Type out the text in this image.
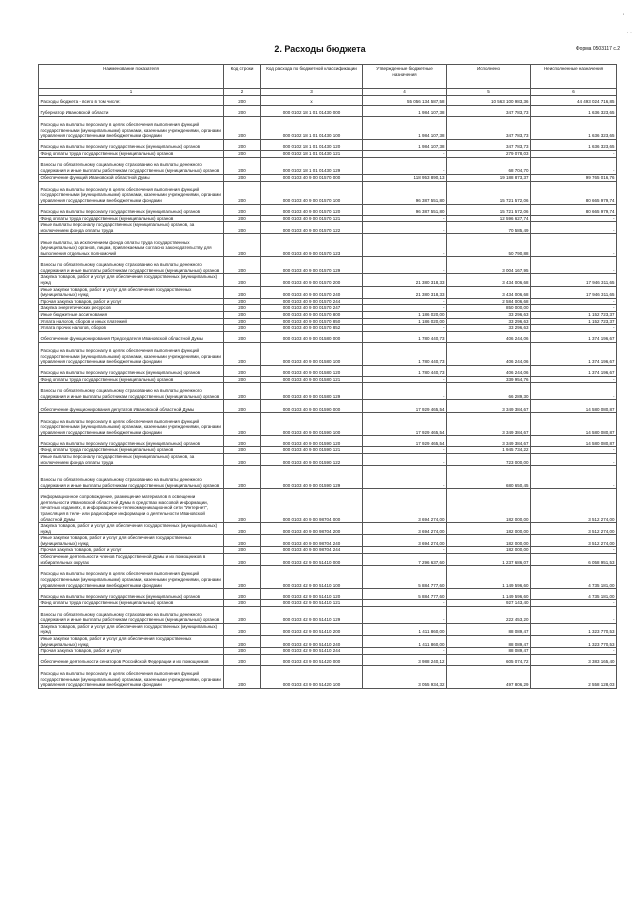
'
· ·
2. Расходы бюджета	Форма 0503117 с.2
Наименование показателя	Код строки	Код расхода по бюджетной классификации	Утвержденные бюджетные назначения	Исполнено	Неисполненные назначения
1	2	3	4	5	6
Расходы бюджета - всего в том числе:	200	x	55 056 134 587,58	10 563 100 983,36	44 493 024 716,85
Губернатор Ивановской области	200	000 0102 18 1 01 01430 000	1 984 107,38	347 783,73	1 636 323,65
Расходы на выплаты персоналу в целях обеспечения выполнения функций государственными (муниципальными) органами, казенными учреждениями, органами управления государственными внебюджетными фондами	200	000 0102 18 1 01 01430 100	1 984 107,38	347 783,73	1 636 323,65
Расходы на выплаты персоналу государственных (муниципальных) органов	200	000 0102 18 1 01 01430 120	1 984 107,38	347 783,73	1 636 323,65
Фонд оплаты труда государственных (муниципальных) органов	200	000 0102 18 1 01 01430 121	-	279 078,03	-
Взносы по обязательному социальному страхованию на выплаты денежного содержания и иные выплаты работникам государственных (муниципальных) органов	200	000 0102 18 1 01 01430 129	-	68 704,70	-
Обеспечение функций Ивановской областной Думы	200	000 0103 40 9 00 01570 000	118 953 890,13	19 188 873,37	99 765 016,76
Расходы на выплаты персоналу в целях обеспечения выполнения функций государственными (муниципальными) органами, казенными учреждениями, органами управления государственными внебюджетными фондами	200	000 0103 40 9 00 01570 100	96 387 551,80	15 721 572,06	80 665 979,74
Расходы на выплаты персоналу государственных (муниципальных) органов	200	000 0103 40 9 00 01570 120	96 387 551,80	15 721 572,06	80 665 979,74
Фонд оплаты труда государственных (муниципальных) органов	200	000 0103 40 9 00 01570 121	-	12 596 627,74	-
Иные выплаты персоналу государственных (муниципальных) органов, за исключением фонда оплаты труда	200	000 0103 40 9 00 01570 122	-	70 585,49	-
Иные выплаты, за исключением фонда оплаты труда государственных (муниципальных) органов, лицам, привлекаемым согласно законодательству для выполнения отдельных полномочий	200	000 0103 40 9 00 01570 123	-	50 790,88	-
Взносы по обязательному социальному страхованию на выплаты денежного содержания и иные выплаты работникам государственных (муниципальных) органов	200	000 0103 40 9 00 01570 129	-	3 004 167,95	-
Закупка товаров, работ и услуг для обеспечения государственных (муниципальных) нужд	200	000 0103 40 9 00 01570 200	21 380 318,33	3 434 006,68	17 946 311,65
Иные закупки товаров, работ и услуг для обеспечения государственных (муниципальных) нужд	200	000 0103 40 9 00 01570 240	21 380 318,33	3 434 006,68	17 946 311,65
Прочая закупка товаров, работ и услуг	200	000 0103 40 9 00 01570 244	-	2 584 006,68	-
Закупка энергетических ресурсов	200	000 0103 40 9 00 01570 247	-	850 000,00	-
Иные бюджетные ассигнования	200	000 0103 40 9 00 01570 800	1 186 020,00	33 296,63	1 152 723,37
Уплата налогов, сборов и иных платежей	200	000 0103 40 9 00 01570 850	1 186 020,00	33 296,63	1 152 723,37
Уплата прочих налогов, сборов	200	000 0103 40 9 00 01570 852	-	33 296,63	-
Обеспечение функционирования Председателя Ивановской областной Думы	200	000 0103 40 9 00 01580 000	1 780 440,73	406 244,06	1 374 196,67
Расходы на выплаты персоналу в целях обеспечения выполнения функций государственными (муниципальными) органами, казенными учреждениями, органами управления государственными внебюджетными фондами	200	000 0103 40 9 00 01580 100	1 780 440,73	406 244,06	1 374 196,67
Расходы на выплаты персоналу государственных (муниципальных) органов	200	000 0103 40 9 00 01580 120	1 780 440,73	406 244,06	1 374 196,67
Фонд оплаты труда государственных (муниципальных) органов	200	000 0103 40 9 00 01580 121	-	339 954,76	-
Взносы по обязательному социальному страхованию на выплаты денежного содержания и иные выплаты работникам государственных (муниципальных) органов	200	000 0103 40 9 00 01580 129	-	66 289,30	-
Обеспечение функционирования депутатов Ивановской областной Думы	200	000 0103 40 9 00 01590 000	17 929 465,54	3 349 384,67	14 580 080,87
Расходы на выплаты персоналу в целях обеспечения выполнения функций государственными (муниципальными) органами, казенными учреждениями, органами управления государственными внебюджетными фондами	200	000 0103 40 9 00 01590 100	17 929 465,54	3 349 384,67	14 580 080,87
Расходы на выплаты персоналу государственных (муниципальных) органов	200	000 0103 40 9 00 01590 120	17 929 465,54	3 349 384,67	14 580 080,87
Фонд оплаты труда государственных (муниципальных) органов	200	000 0103 40 9 00 01590 121	-	1 945 734,22	-
Иные выплаты персоналу государственных (муниципальных) органов, за исключением фонда оплаты труда	200	000 0103 40 9 00 01590 122	-	723 000,00	-
Взносы по обязательному социальному страхованию на выплаты денежного содержания и иные выплаты работникам государственных (муниципальных) органов	200	000 0103 40 9 00 01590 129	-	680 650,45	-
Информационное сопровождение, размещение материалов в освещении деятельности Ивановской областной Думы в средствах массовой информации, печатных изданиях, в информационно-телекоммуникационной сети "Интернет", трансляция в теле- или радиоэфире информации о деятельности Ивановской областной Думы	200	000 0103 40 9 00 98704 000	3 694 274,00	182 000,00	3 512 274,00
Закупка товаров, работ и услуг для обеспечения государственных (муниципальных) нужд	200	000 0103 40 9 00 98704 200	3 694 274,00	182 000,00	3 512 274,00
Иные закупки товаров, работ и услуг для обеспечения государственных (муниципальных) нужд	200	000 0103 40 9 00 98704 240	3 694 274,00	182 000,00	3 512 274,00
Прочая закупка товаров, работ и услуг	200	000 0103 40 9 00 98704 244	-	182 000,00	-
Обеспечение деятельности членов Государственной Думы и их помощников в избирательных округах	200	000 0103 42 9 00 51410 000	7 296 637,60	1 237 686,07	6 058 951,53
Расходы на выплаты персоналу в целях обеспечения выполнения функций государственными (муниципальными) органами, казенными учреждениями, органами управления государственными внебюджетными фондами	200	000 0103 42 9 00 51410 100	5 884 777,60	1 149 596,60	4 735 181,00
Расходы на выплаты персоналу государственных (муниципальных) органов	200	000 0103 42 9 00 51410 120	5 884 777,60	1 149 596,60	4 735 181,00
Фонд оплаты труда государственных (муниципальных) органов	200	000 0103 42 9 00 51410 121	-	927 143,40	-
Взносы по обязательному социальному страхованию на выплаты денежного содержания и иные выплаты работникам государственных (муниципальных) органов	200	000 0103 42 9 00 51410 129	-	222 453,20	-
Закупка товаров, работ и услуг для обеспечения государственных (муниципальных) нужд	200	000 0103 42 9 00 51410 200	1 411 860,00	88 089,47	1 323 770,53
Иные закупки товаров, работ и услуг для обеспечения государственных (муниципальных) нужд	200	000 0103 42 9 00 51410 240	1 411 860,00	88 089,47	1 323 770,53
Прочая закупка товаров, работ и услуг	200	000 0103 42 9 00 51410 244	-	88 089,47	-
Обеспечение деятельности сенаторов Российской Федерации и их помощников	200	000 0103 43 9 00 51420 000	3 988 240,12	605 074,72	3 383 165,40
Расходы на выплаты персоналу в целях обеспечения выполнения функций государственными (муниципальными) органами, казенными учреждениями, органами управления государственными внебюджетными фондами	200	000 0103 43 9 00 51420 100	3 055 934,32	497 806,29	2 558 128,03
